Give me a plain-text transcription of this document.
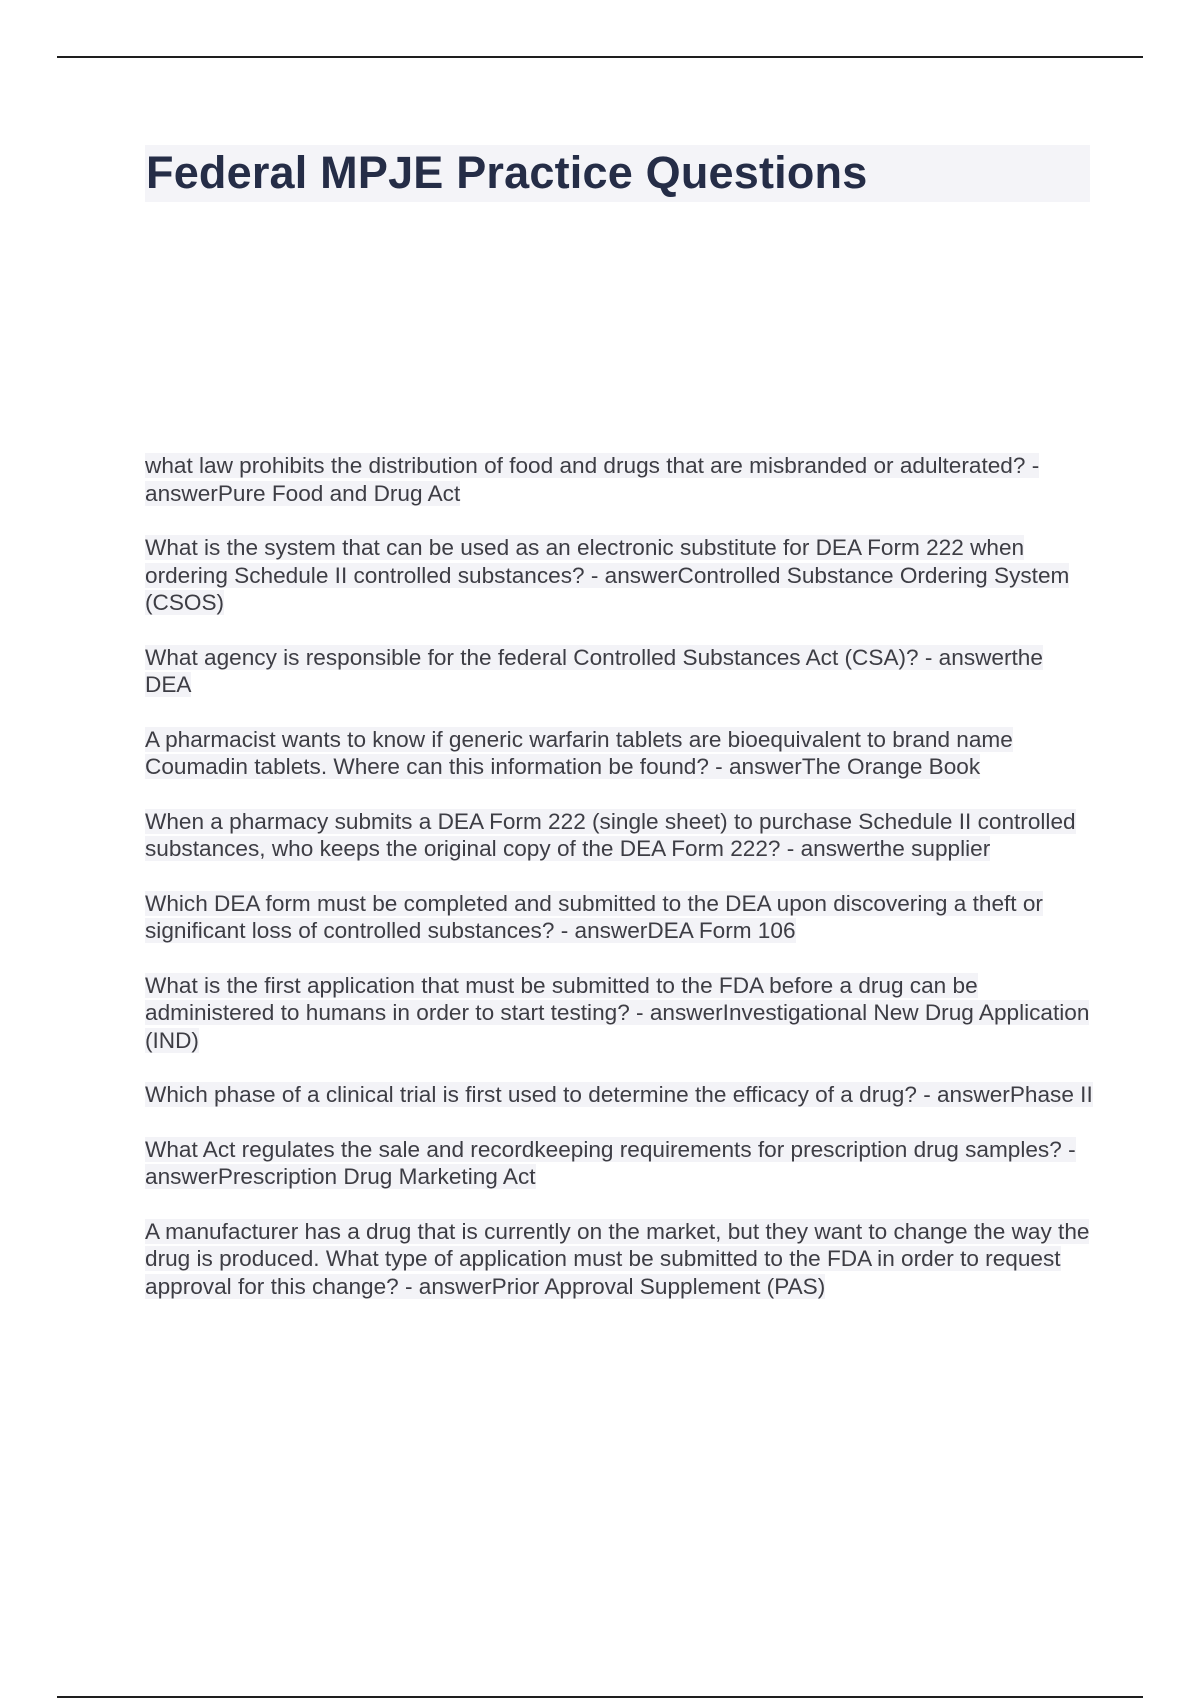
Federal MPJE Practice Questions
what law prohibits the distribution of food and drugs that are misbranded or adulterated? - answerPure Food and Drug Act
What is the system that can be used as an electronic substitute for DEA Form 222 when ordering Schedule II controlled substances? - answerControlled Substance Ordering System (CSOS)
What agency is responsible for the federal Controlled Substances Act (CSA)? - answerthe DEA
A pharmacist wants to know if generic warfarin tablets are bioequivalent to brand name Coumadin tablets. Where can this information be found? - answerThe Orange Book
When a pharmacy submits a DEA Form 222 (single sheet) to purchase Schedule II controlled substances, who keeps the original copy of the DEA Form 222? - answerthe supplier
Which DEA form must be completed and submitted to the DEA upon discovering a theft or significant loss of controlled substances? - answerDEA Form 106
What is the first application that must be submitted to the FDA before a drug can be administered to humans in order to start testing? - answerInvestigational New Drug Application (IND)
Which phase of a clinical trial is first used to determine the efficacy of a drug? - answerPhase II
What Act regulates the sale and recordkeeping requirements for prescription drug samples? - answerPrescription Drug Marketing Act
A manufacturer has a drug that is currently on the market, but they want to change the way the drug is produced. What type of application must be submitted to the FDA in order to request approval for this change? - answerPrior Approval Supplement (PAS)
